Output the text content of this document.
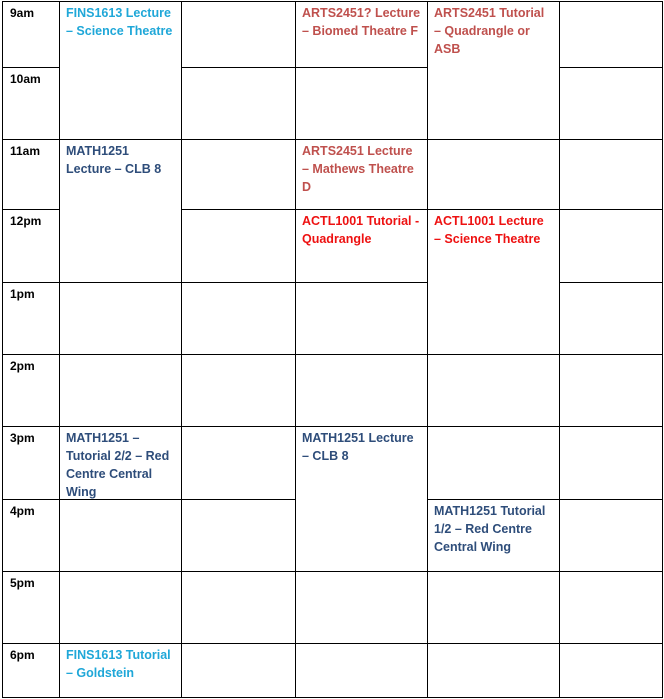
9am
10am
11am
12pm
1pm
2pm
3pm
4pm
5pm
6pm
FINS1613 Lecture – Science Theatre
MATH1251 Lecture – CLB 8
MATH1251 – Tutorial 2/2 – Red Centre Central Wing
FINS1613 Tutorial – Goldstein
ARTS2451? Lecture – Biomed Theatre F
ARTS2451 Lecture – Mathews Theatre D
ACTL1001 Tutorial - Quadrangle
MATH1251 Lecture – CLB 8
ARTS2451 Tutorial – Quadrangle or ASB
ACTL1001 Lecture – Science Theatre
MATH1251 Tutorial 1/2 – Red Centre Central Wing
